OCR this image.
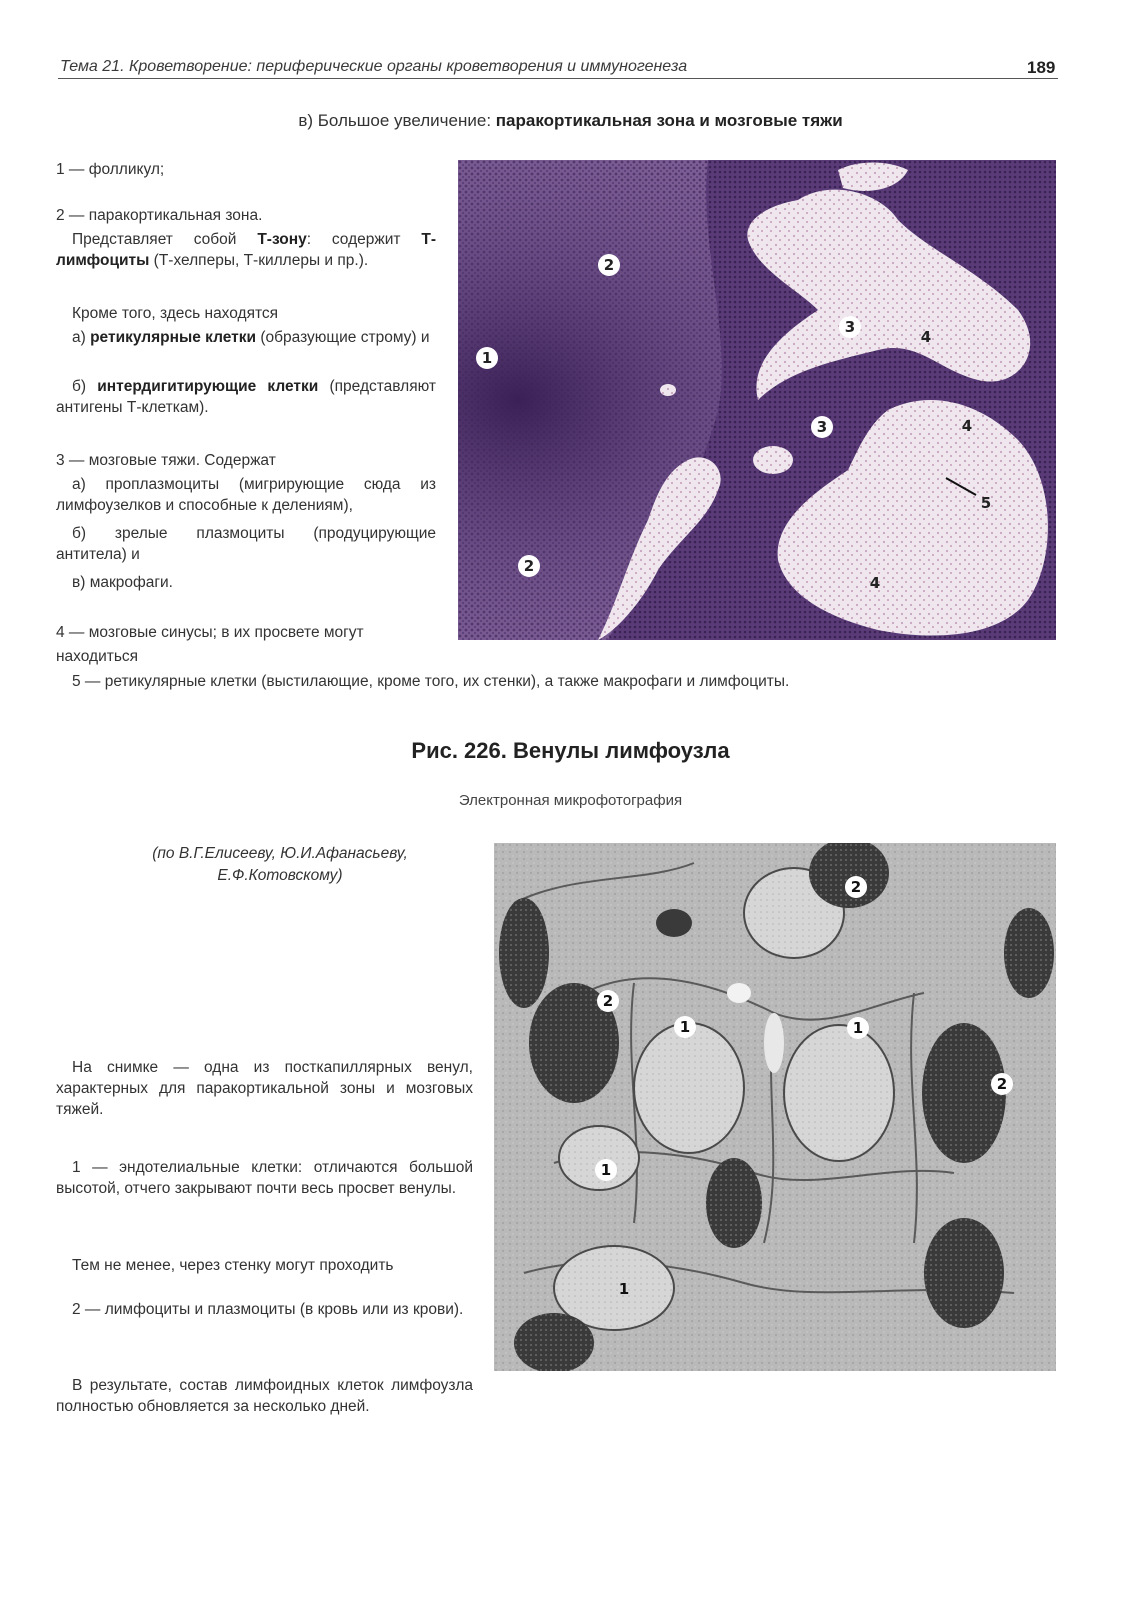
Тема 21. Кроветворение: периферические органы кроветворения и иммуногенеза	189
в) Большое увеличение: паракортикальная зона и мозговые тяжи
1 — фолликул;
2 — паракортикальная зона.
Представляет собой Т-зону: содержит Т-лимфоциты (Т-хелперы, Т-киллеры и пр.).
Кроме того, здесь находятся
а) ретикулярные клетки (образующие строму) и
б) интердигитирующие клетки (представляют антигены Т-клеткам).
3 — мозговые тяжи. Содержат
а) проплазмоциты (мигрирующие сюда из лимфоузелков и способные к делениям),
б) зрелые плазмоциты (продуцирующие антитела) и
в) макрофаги.
4 — мозговые синусы; в их просвете могут
находиться
5 — ретикулярные клетки (выстилающие, кроме того, их стенки), а также макрофаги и лимфоциты.
1
2
2
3
3
4
4
4
5
Рис. 226. Венулы лимфоузла
Электронная микрофотография
(по В.Г.Елисееву, Ю.И.Афанасьеву,
Е.Ф.Котовскому)
На снимке — одна из посткапиллярных венул, характерных для паракортикальной зоны и мозговых тяжей.
1 — эндотелиальные клетки: отличаются большой высотой, отчего закрывают почти весь просвет венулы.
Тем не менее, через стенку могут проходить
2 — лимфоциты и плазмоциты (в кровь или из крови).
В результате, состав лимфоидных клеток лимфоузла полностью обновляется за несколько дней.
1	1
1
1
2
2
2
